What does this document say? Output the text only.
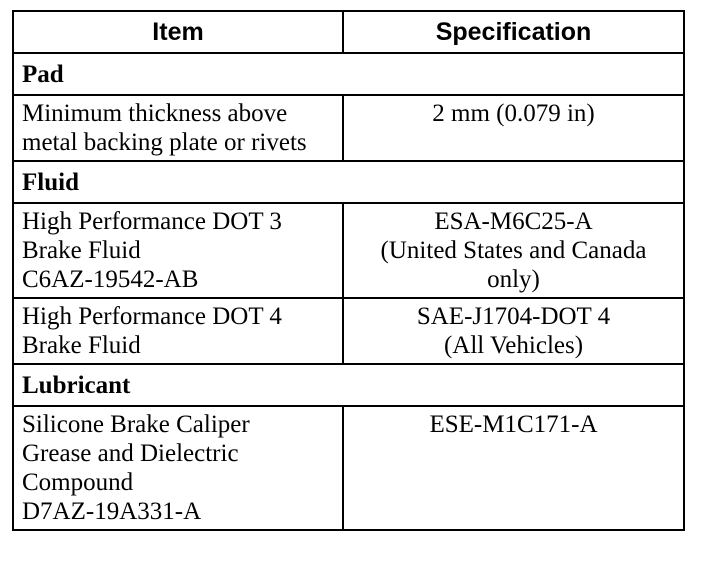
Item	Specification
Pad	

Minimum thickness above
metal backing plate or rivets	2 mm (0.079 in)

Fluid	

High Performance DOT 3
Brake Fluid
C6AZ-19542-AB	ESA-M6C25-A
(United States and Canada
only)

High Performance DOT 4
Brake Fluid	SAE-J1704-DOT 4
(All Vehicles)

Lubricant	

Silicone Brake Caliper
Grease and Dielectric
Compound
D7AZ-19A331-A	ESE-M1C171-A
